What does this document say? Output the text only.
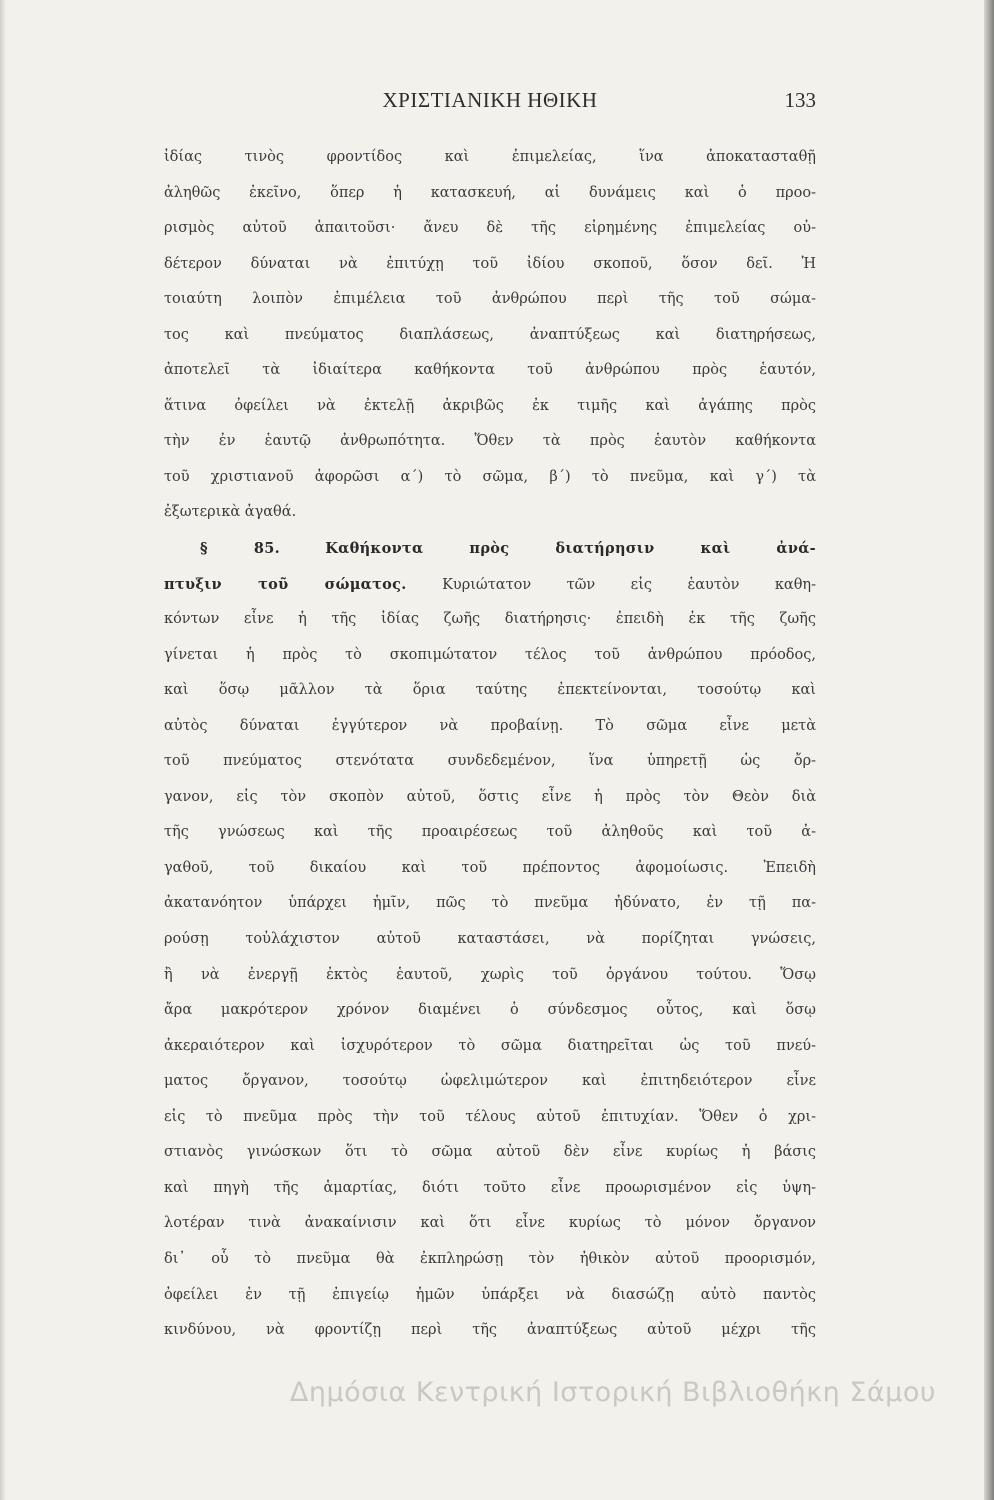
ΧΡΙΣΤΙΑΝΙΚΗ ΗΘΙΚΗ	133
ἰδίας τινὸς φροντίδος καὶ ἐπιμελείας, ἵνα ἀποκατασταθῇ
ἀληθῶς ἐκεῖνο, ὅπερ ἡ κατασκευή, αἱ δυνάμεις καὶ ὁ προο-
ρισμὸς αὐτοῦ ἀπαιτοῦσι· ἄνευ δὲ τῆς εἰρημένης ἐπιμελείας οὐ-
δέτερον δύναται νὰ ἐπιτύχῃ τοῦ ἰδίου σκοποῦ, ὅσον δεῖ. Ἡ
τοιαύτη λοιπὸν ἐπιμέλεια τοῦ ἀνθρώπου περὶ τῆς τοῦ σώμα-
τος καὶ πνεύματος διαπλάσεως, ἀναπτύξεως καὶ διατηρήσεως,
ἀποτελεῖ τὰ ἰδιαίτερα καθήκοντα τοῦ ἀνθρώπου πρὸς ἑαυτόν,
ἅτινα ὀφείλει νὰ ἐκτελῇ ἀκριβῶς ἐκ τιμῆς καὶ ἀγάπης πρὸς
τὴν ἐν ἑαυτῷ ἀνθρωπότητα. Ὅθεν τὰ πρὸς ἑαυτὸν καθήκοντα
τοῦ χριστιανοῦ ἀφορῶσι α΄) τὸ σῶμα, β΄) τὸ πνεῦμα, καὶ γ΄) τὰ
ἐξωτερικὰ ἀγαθά.
§ 85.	Καθήκοντα πρὸς διατήρησιν καὶ ἀνά-
πτυξιν τοῦ σώματος. Κυριώτατον τῶν εἰς ἑαυτὸν καθη-
κόντων εἶνε ἡ τῆς ἰδίας ζωῆς διατήρησις· ἐπειδὴ ἐκ τῆς ζωῆς
γίνεται ἡ πρὸς τὸ σκοπιμώτατον τέλος τοῦ ἀνθρώπου πρόοδος,
καὶ ὅσῳ μᾶλλον τὰ ὅρια ταύτης ἐπεκτείνονται, τοσούτῳ καὶ
αὐτὸς δύναται ἐγγύτερον νὰ προβαίνῃ. Τὸ σῶμα εἶνε μετὰ
τοῦ πνεύματος στενότατα συνδεδεμένον, ἵνα ὑπηρετῇ ὡς ὄρ-
γανον, εἰς τὸν σκοπὸν αὐτοῦ, ὅστις εἶνε ἡ πρὸς τὸν Θεὸν διὰ
τῆς γνώσεως καὶ τῆς προαιρέσεως τοῦ ἀληθοῦς καὶ τοῦ ἀ-
γαθοῦ, τοῦ δικαίου καὶ τοῦ πρέποντος ἀφομοίωσις. Ἐπειδὴ
ἀκατανόητον ὑπάρχει ἡμῖν, πῶς τὸ πνεῦμα ἠδύνατο, ἐν τῇ πα-
ρούσῃ τοὐλάχιστον αὐτοῦ καταστάσει, νὰ πορίζηται γνώσεις,
ἢ νὰ ἐνεργῇ ἐκτὸς ἑαυτοῦ, χωρὶς τοῦ ὀργάνου τούτου. Ὅσῳ
ἄρα μακρότερον χρόνον διαμένει ὁ σύνδεσμος οὗτος, καὶ ὅσῳ
ἀκεραιότερον καὶ ἰσχυρότερον τὸ σῶμα διατηρεῖται ὡς τοῦ πνεύ-
ματος ὄργανον, τοσούτῳ ὠφελιμώτερον καὶ ἐπιτηδειότερον εἶνε
εἰς τὸ πνεῦμα πρὸς τὴν τοῦ τέλους αὐτοῦ ἐπιτυχίαν. Ὅθεν ὁ χρι-
στιανὸς γινώσκων ὅτι τὸ σῶμα αὐτοῦ δὲν εἶνε κυρίως ἡ βάσις
καὶ πηγὴ τῆς ἁμαρτίας, διότι τοῦτο εἶνε προωρισμένον εἰς ὑψη-
λοτέραν τινὰ ἀνακαίνισιν καὶ ὅτι εἶνε κυρίως τὸ μόνον ὄργανον
δι᾽ οὗ τὸ πνεῦμα θὰ ἐκπληρώσῃ τὸν ἠθικὸν αὐτοῦ προορισμόν,
ὀφείλει ἐν τῇ ἐπιγείῳ ἡμῶν ὑπάρξει νὰ διασώζῃ αὐτὸ παντὸς
κινδύνου, νὰ φροντίζῃ περὶ τῆς ἀναπτύξεως αὐτοῦ μέχρι τῆς
Δημόσια Κεντρική Ιστορική Βιβλιοθήκη Σάμου
